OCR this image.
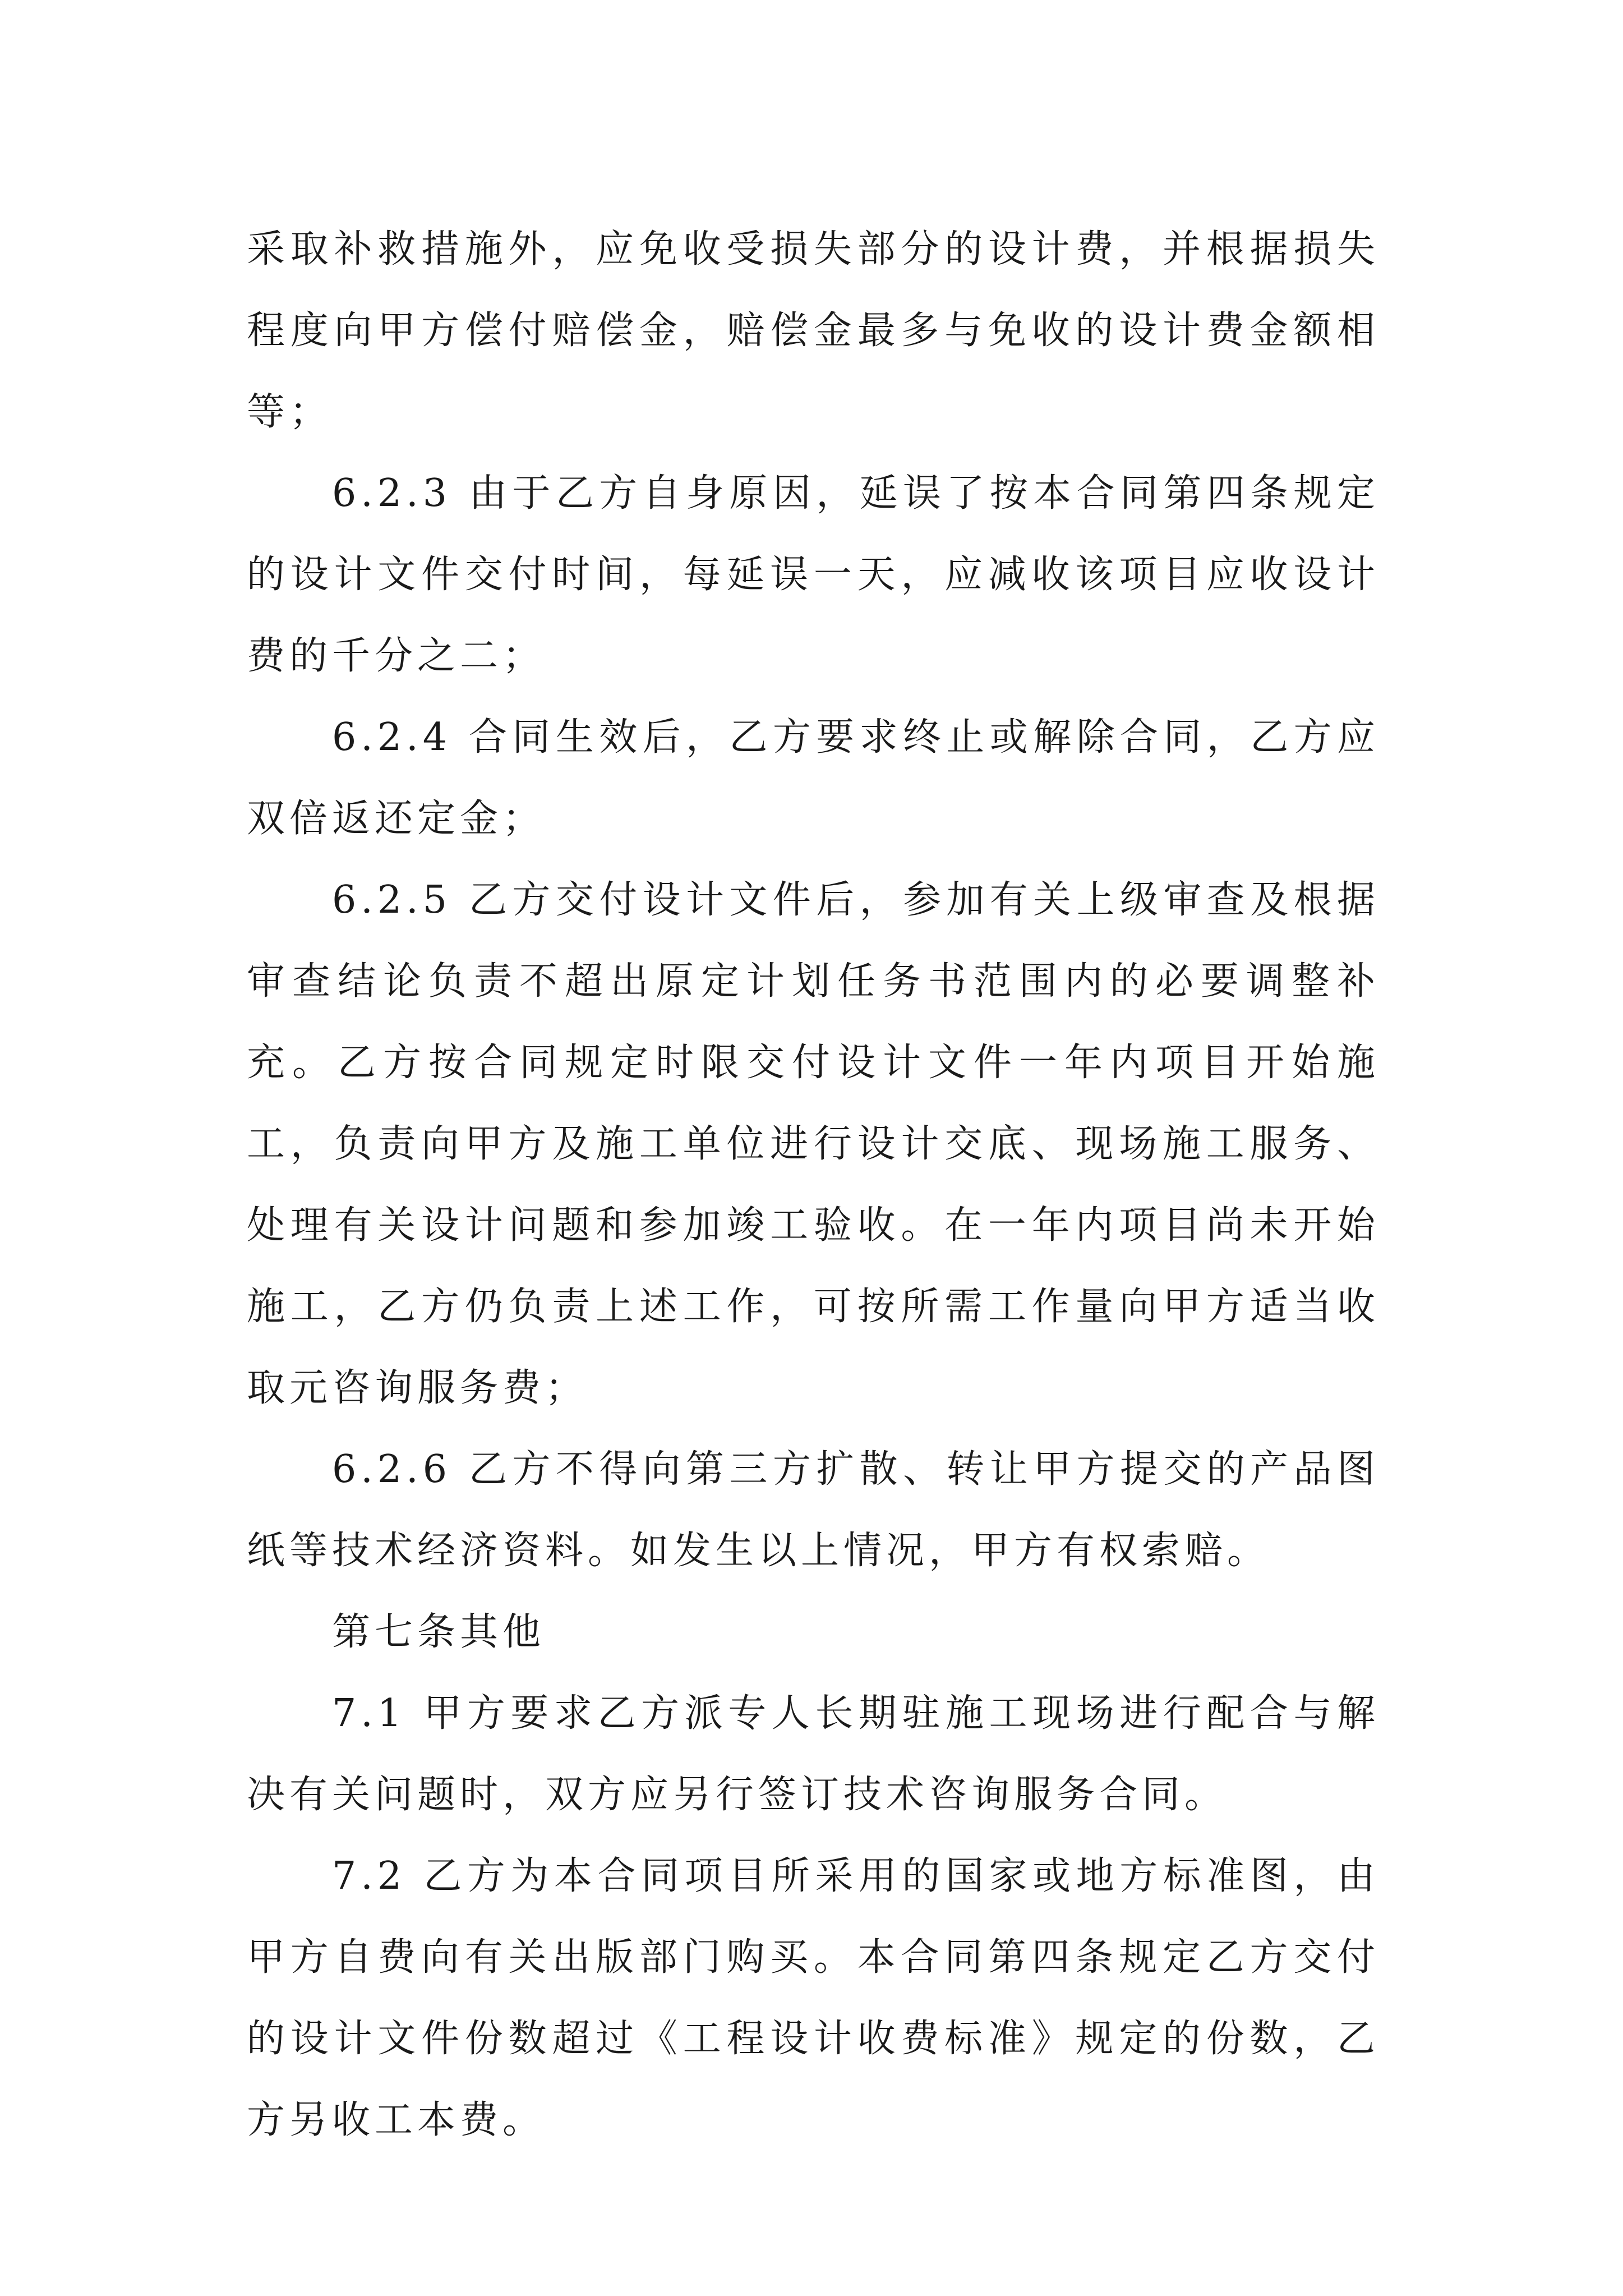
采取补救措施外，应免收受损失部分的设计费，并根据损失程度向甲方偿付赔偿金，赔偿金最多与免收的设计费金额相等；

6.2.3 由于乙方自身原因，延误了按本合同第四条规定的设计文件交付时间，每延误一天，应减收该项目应收设计费的千分之二；

6.2.4 合同生效后，乙方要求终止或解除合同，乙方应双倍返还定金；

6.2.5 乙方交付设计文件后，参加有关上级审查及根据审查结论负责不超出原定计划任务书范围内的必要调整补充。乙方按合同规定时限交付设计文件一年内项目开始施工，负责向甲方及施工单位进行设计交底、现场施工服务、处理有关设计问题和参加竣工验收。在一年内项目尚未开始施工，乙方仍负责上述工作，可按所需工作量向甲方适当收取元咨询服务费；

6.2.6 乙方不得向第三方扩散、转让甲方提交的产品图纸等技术经济资料。如发生以上情况，甲方有权索赔。

第七条其他

7.1 甲方要求乙方派专人长期驻施工现场进行配合与解决有关问题时，双方应另行签订技术咨询服务合同。

7.2 乙方为本合同项目所采用的国家或地方标准图，由甲方自费向有关出版部门购买。本合同第四条规定乙方交付的设计文件份数超过《工程设计收费标准》规定的份数，乙方另收工本费。
